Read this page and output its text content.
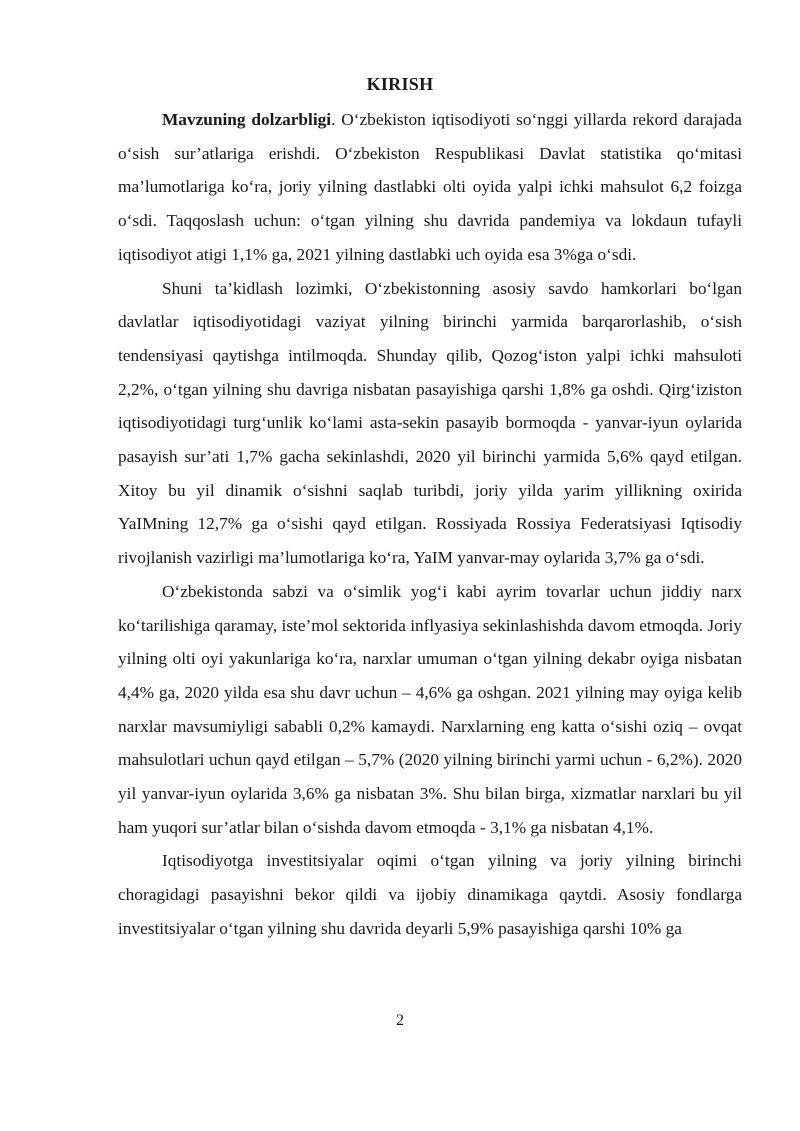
KIRISH

Mavzuning dolzarbligi. O‘zbekiston iqtisodiyoti so‘nggi yillarda rekord darajada o‘sish sur’atlariga erishdi. O‘zbekiston Respublikasi Davlat statistika qo‘mitasi ma’lumotlariga ko‘ra, joriy yilning dastlabki olti oyida yalpi ichki mahsulot 6,2 foizga o‘sdi. Taqqoslash uchun: o‘tgan yilning shu davrida pandemiya va lokdaun tufayli iqtisodiyot atigi 1,1% ga, 2021 yilning dastlabki uch oyida esa 3%ga o‘sdi.

Shuni ta’kidlash lozimki, O‘zbekistonning asosiy savdo hamkorlari bo‘lgan davlatlar iqtisodiyotidagi vaziyat yilning birinchi yarmida barqarorlashib, o‘sish tendensiyasi qaytishga intilmoqda. Shunday qilib, Qozog‘iston yalpi ichki mahsuloti 2,2%, o‘tgan yilning shu davriga nisbatan pasayishiga qarshi 1,8% ga oshdi. Qirg‘iziston iqtisodiyotidagi turg‘unlik ko‘lami asta-sekin pasayib bormoqda - yanvar-iyun oylarida pasayish sur’ati 1,7% gacha sekinlashdi, 2020 yil birinchi yarmida 5,6% qayd etilgan. Xitoy bu yil dinamik o‘sishni saqlab turibdi, joriy yilda yarim yillikning oxirida YaIMning 12,7% ga o‘sishi qayd etilgan. Rossiyada Rossiya Federatsiyasi Iqtisodiy rivojlanish vazirligi ma’lumotlariga ko‘ra, YaIM yanvar-may oylarida 3,7% ga o‘sdi.

O‘zbekistonda sabzi va o‘simlik yog‘i kabi ayrim tovarlar uchun jiddiy narx ko‘tarilishiga qaramay, iste’mol sektorida inflyasiya sekinlashishda davom etmoqda. Joriy yilning olti oyi yakunlariga ko‘ra, narxlar umuman o‘tgan yilning dekabr oyiga nisbatan 4,4% ga, 2020 yilda esa shu davr uchun – 4,6% ga oshgan. 2021 yilning may oyiga kelib narxlar mavsumiyligi sababli 0,2% kamaydi. Narxlarning eng katta o‘sishi oziq – ovqat mahsulotlari uchun qayd etilgan – 5,7% (2020 yilning birinchi yarmi uchun - 6,2%). 2020 yil yanvar-iyun oylarida 3,6% ga nisbatan 3%. Shu bilan birga, xizmatlar narxlari bu yil ham yuqori sur’atlar bilan o‘sishda davom etmoqda - 3,1% ga nisbatan 4,1%.

Iqtisodiyotga investitsiyalar oqimi o‘tgan yilning va joriy yilning birinchi choragidagi pasayishni bekor qildi va ijobiy dinamikaga qaytdi. Asosiy fondlarga investitsiyalar o‘tgan yilning shu davrida deyarli 5,9% pasayishiga qarshi 10% ga

2
